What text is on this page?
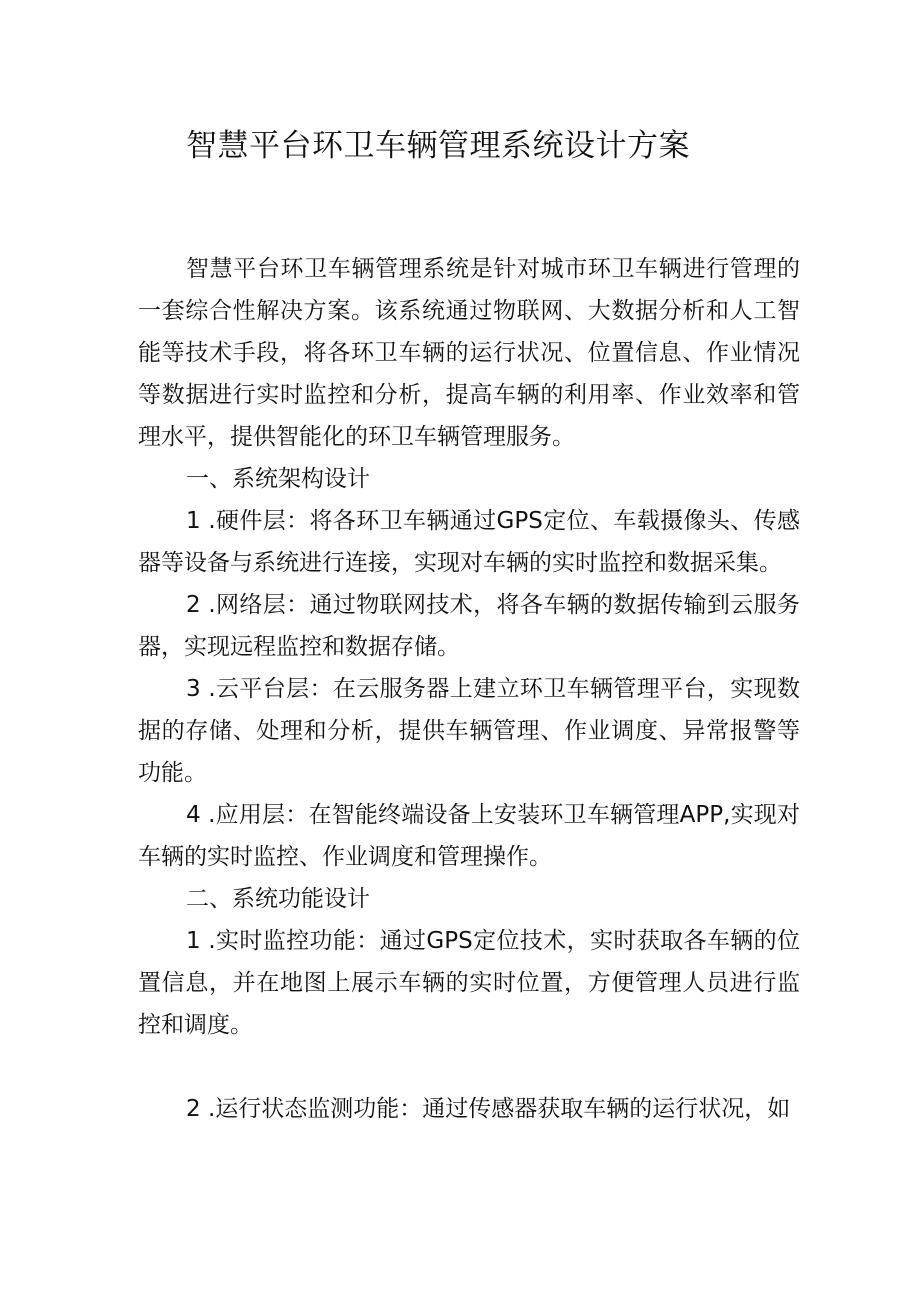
智慧平台环卫车辆管理系统设计方案

智慧平台环卫车辆管理系统是针对城市环卫车辆进行管理的一套综合性解决方案。该系统通过物联网、大数据分析和人工智能等技术手段，将各环卫车辆的运行状况、位置信息、作业情况等数据进行实时监控和分析，提高车辆的利用率、作业效率和管理水平，提供智能化的环卫车辆管理服务。

一、系统架构设计

1 .硬件层：将各环卫车辆通过GPS定位、车载摄像头、传感器等设备与系统进行连接，实现对车辆的实时监控和数据采集。

2 .网络层：通过物联网技术，将各车辆的数据传输到云服务器，实现远程监控和数据存储。

3 .云平台层：在云服务器上建立环卫车辆管理平台，实现数据的存储、处理和分析，提供车辆管理、作业调度、异常报警等功能。

4 .应用层：在智能终端设备上安装环卫车辆管理APP,实现对车辆的实时监控、作业调度和管理操作。

二、系统功能设计

1 .实时监控功能：通过GPS定位技术，实时获取各车辆的位置信息，并在地图上展示车辆的实时位置，方便管理人员进行监控和调度。

2 .运行状态监测功能：通过传感器获取车辆的运行状况，如
